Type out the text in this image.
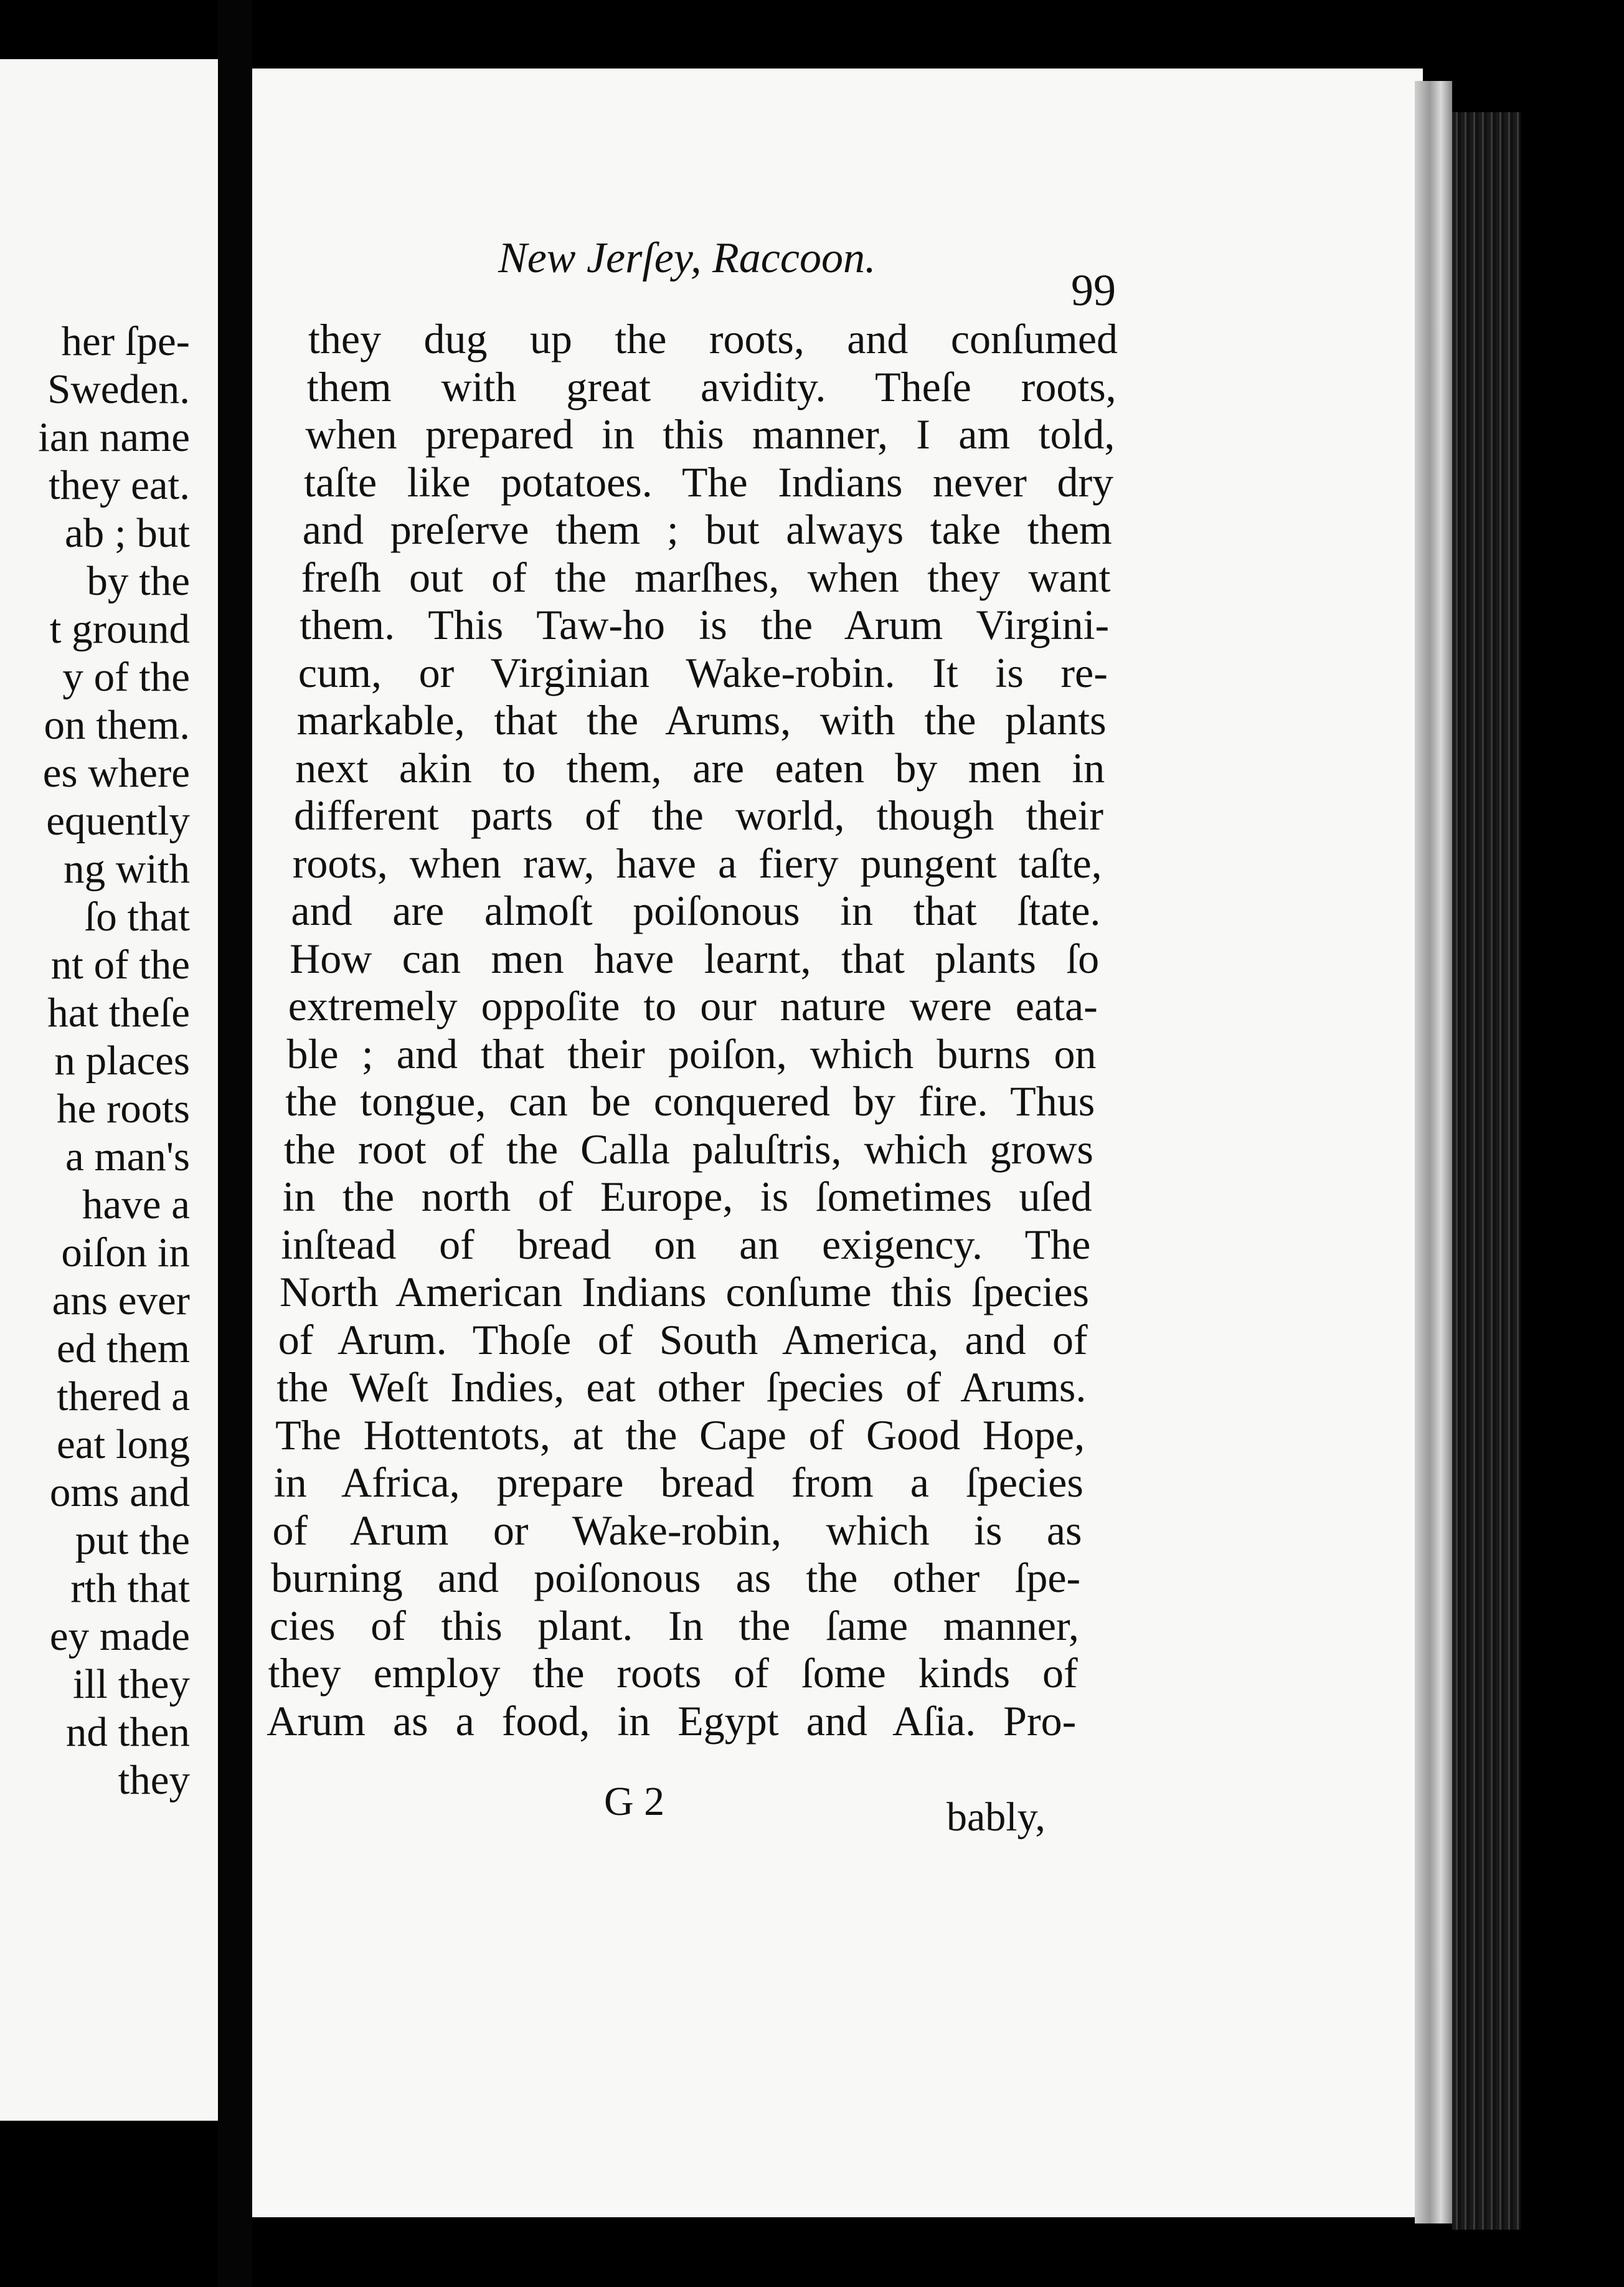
her ſpe-
Sweden.
ian name
they eat.
ab ; but
by the
t ground
y of the
on them.
es where
equently
ng with
ſo that
nt of the
hat theſe
n places
he roots
a man's
have a
oiſon in
ans ever
ed them
thered a
eat long
oms and
put the
rth that
ey made
ill they
nd then
they
New Jerſey, Raccoon.
99
they dug up the roots, and conſumed
them with great avidity. Theſe roots,
when prepared in this manner, I am told,
taſte like potatoes. The Indians never dry
and preſerve them ; but always take them
freſh out of the marſhes, when they want
them. This Taw-ho is the Arum Virgini-
cum, or Virginian Wake-robin. It is re-
markable, that the Arums, with the plants
next akin to them, are eaten by men in
different parts of the world, though their
roots, when raw, have a fiery pungent taſte,
and are almoſt poiſonous in that ſtate.
How can men have learnt, that plants ſo
extremely oppoſite to our nature were eata-
ble ; and that their poiſon, which burns on
the tongue, can be conquered by fire. Thus
the root of the Calla paluſtris, which grows
in the north of Europe, is ſometimes uſed
inſtead of bread on an exigency. The
North American Indians conſume this ſpecies
of Arum. Thoſe of South America, and of
the Weſt Indies, eat other ſpecies of Arums.
The Hottentots, at the Cape of Good Hope,
in Africa, prepare bread from a ſpecies
of Arum or Wake-robin, which is as
burning and poiſonous as the other ſpe-
cies of this plant. In the ſame manner,
they employ the roots of ſome kinds of
Arum as a food, in Egypt and Aſia. Pro-
G 2	bably,
